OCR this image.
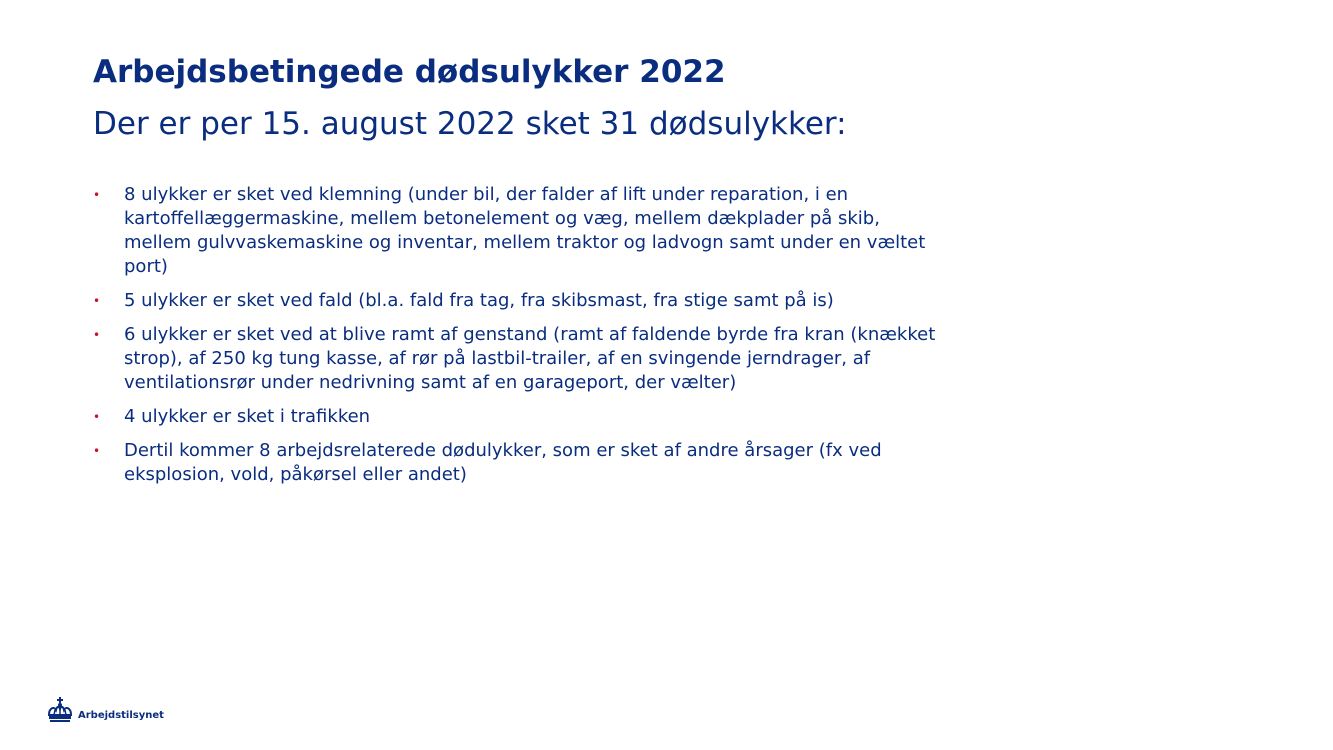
Arbejdsbetingede dødsulykker 2022
Der er per 15. august 2022 sket 31 dødsulykker:
• 8 ulykker er sket ved klemning (under bil, der falder af lift under reparation, i en kartoffellæggermaskine, mellem betonelement og væg, mellem dækplader på skib, mellem gulvvaskemaskine og inventar, mellem traktor og ladvogn samt under en væltet port)
• 5 ulykker er sket ved fald (bl.a. fald fra tag, fra skibsmast, fra stige samt på is)
• 6 ulykker er sket ved at blive ramt af genstand (ramt af faldende byrde fra kran (knækket strop), af 250 kg tung kasse, af rør på lastbil-trailer, af en svingende jerndrager, af ventilationsrør under nedrivning samt af en garageport, der vælter)
• 4 ulykker er sket i trafikken
• Dertil kommer 8 arbejdsrelaterede dødulykker, som er sket af andre årsager (fx ved eksplosion, vold, påkørsel eller andet)
Arbejdstilsynet
